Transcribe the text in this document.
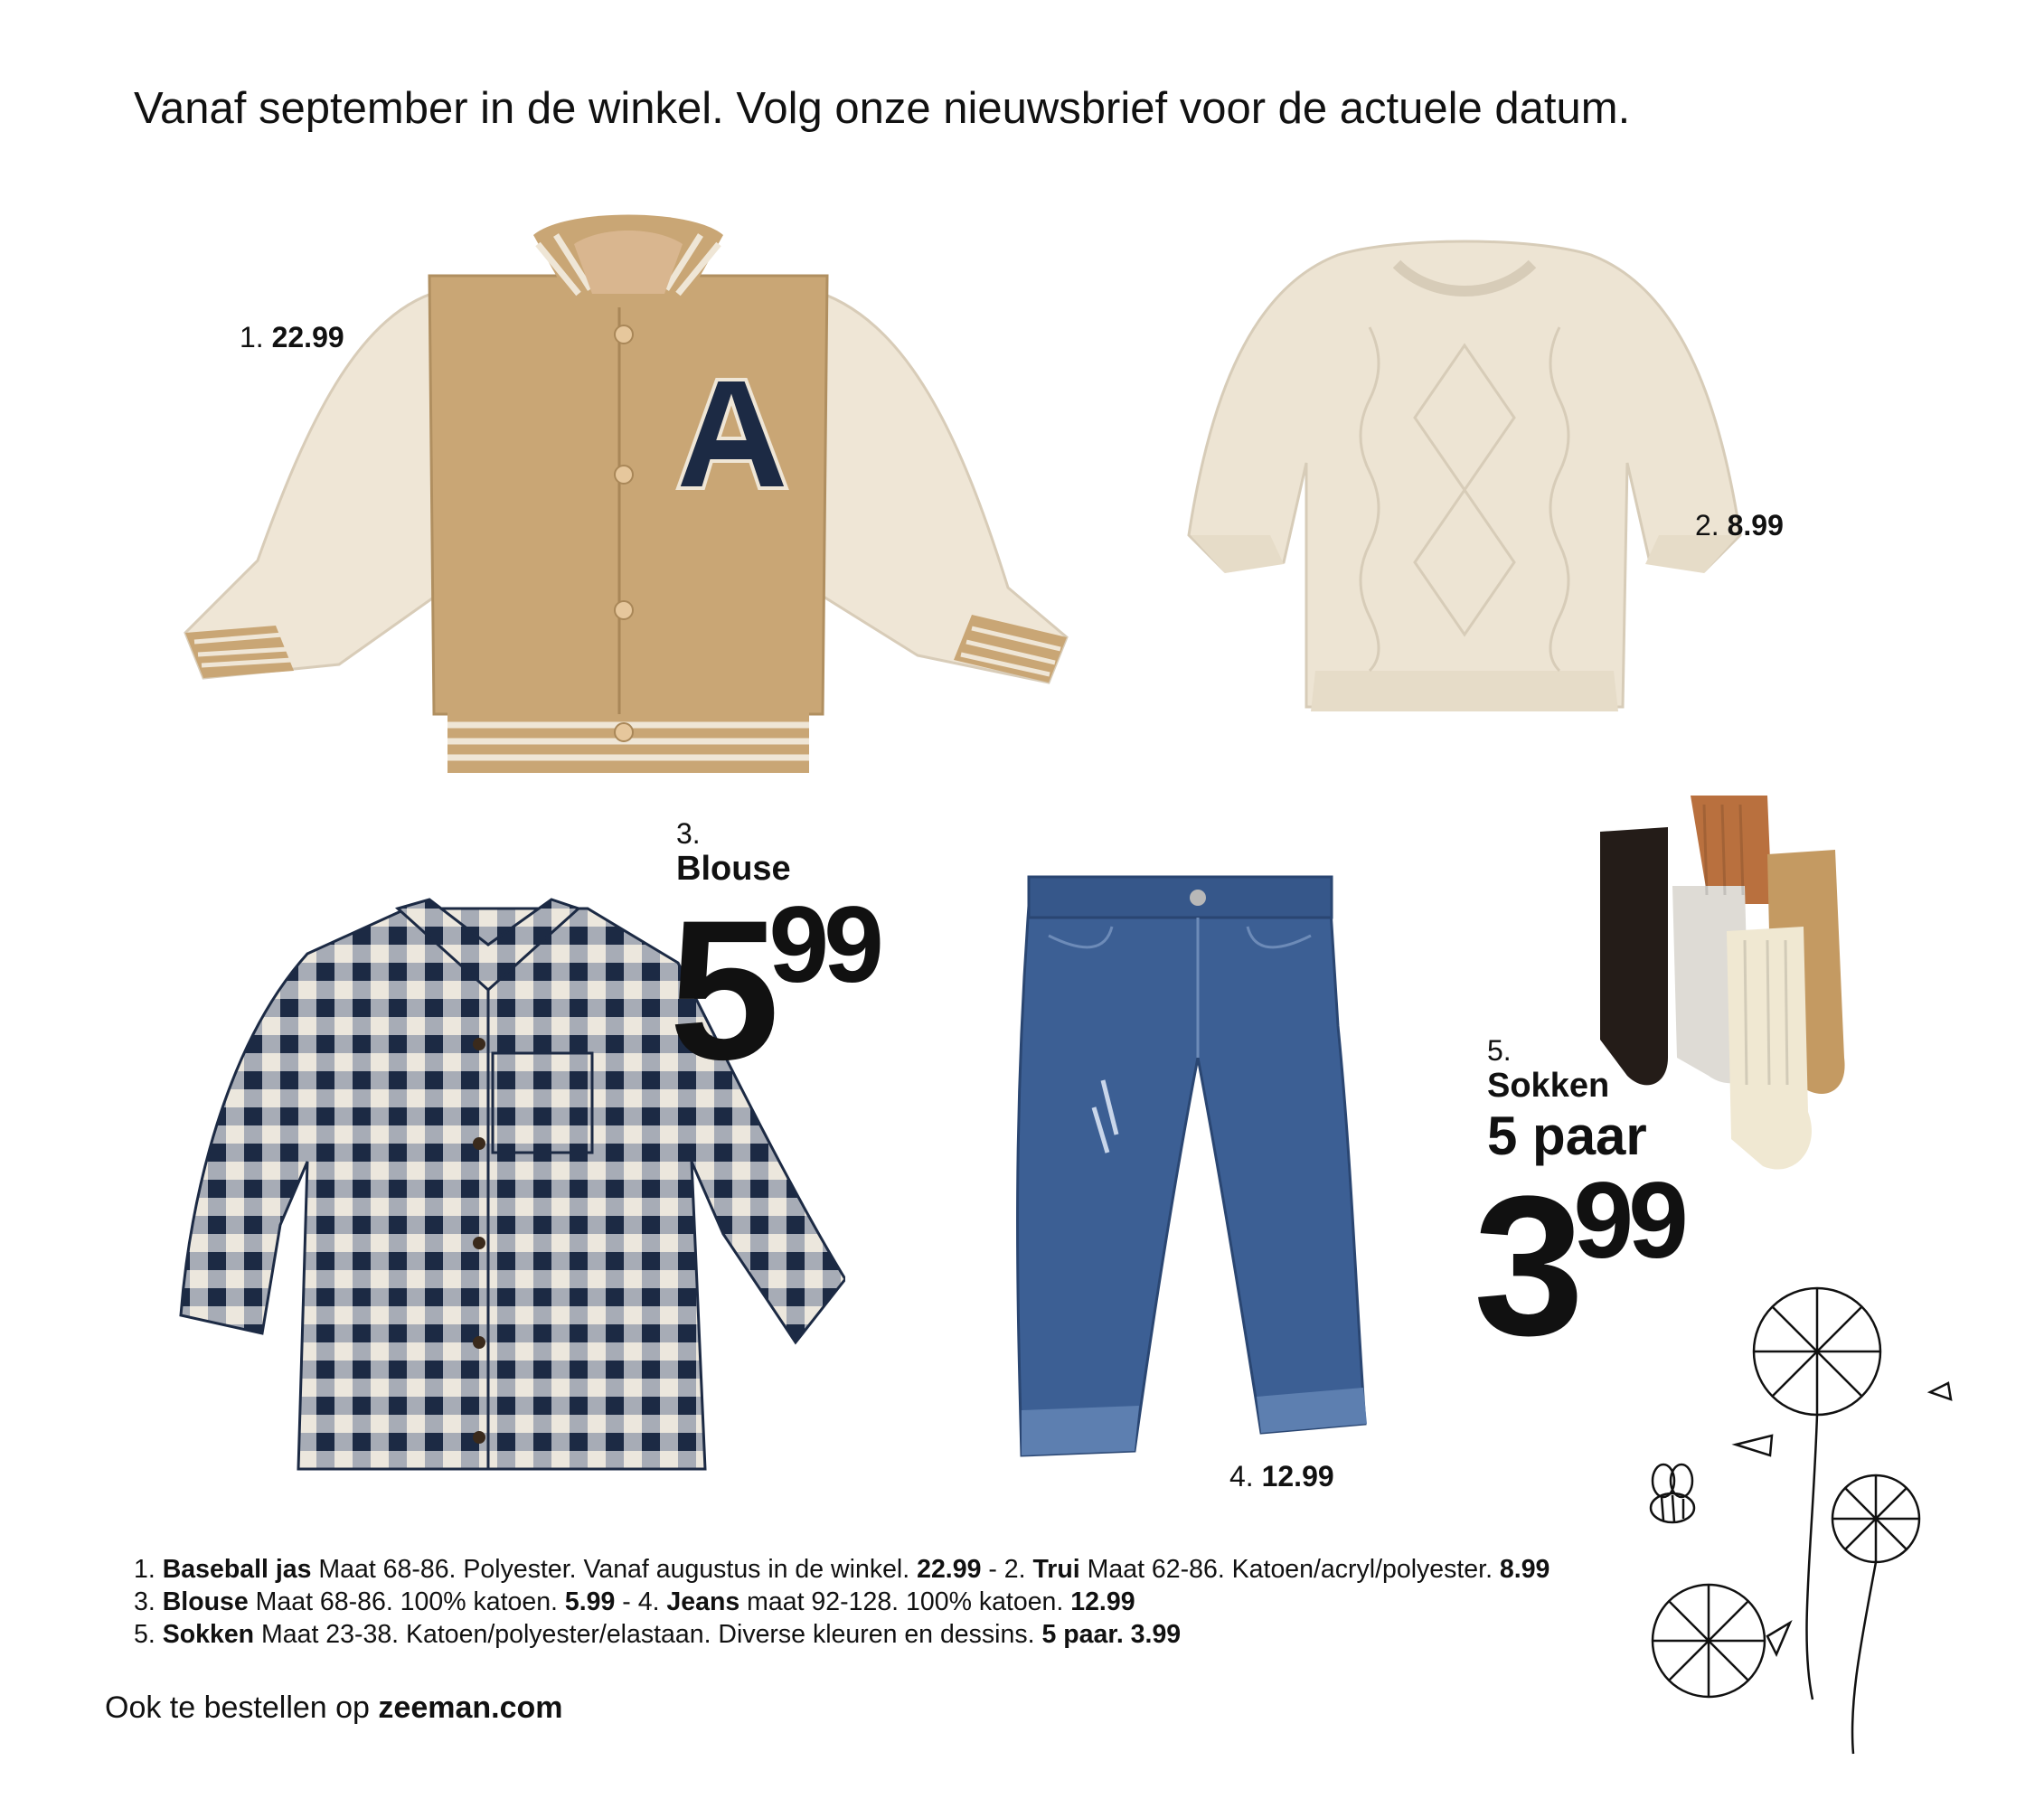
Vanaf september in de winkel. Volg onze nieuwsbrief voor de actuele datum.
1. 22.99
2. 8.99
3.
Blouse
599
4. 12.99
5.
Sokken
5 paar
399
1. Baseball jas Maat 68-86. Polyester. Vanaf augustus in de winkel. 22.99 - 2. Trui Maat 62-86. Katoen/acryl/polyester. 8.99
3. Blouse Maat 68-86. 100% katoen. 5.99 - 4. Jeans maat 92-128. 100% katoen. 12.99
5. Sokken Maat 23-38. Katoen/polyester/elastaan. Diverse kleuren en dessins. 5 paar. 3.99
Ook te bestellen op zeeman.com
